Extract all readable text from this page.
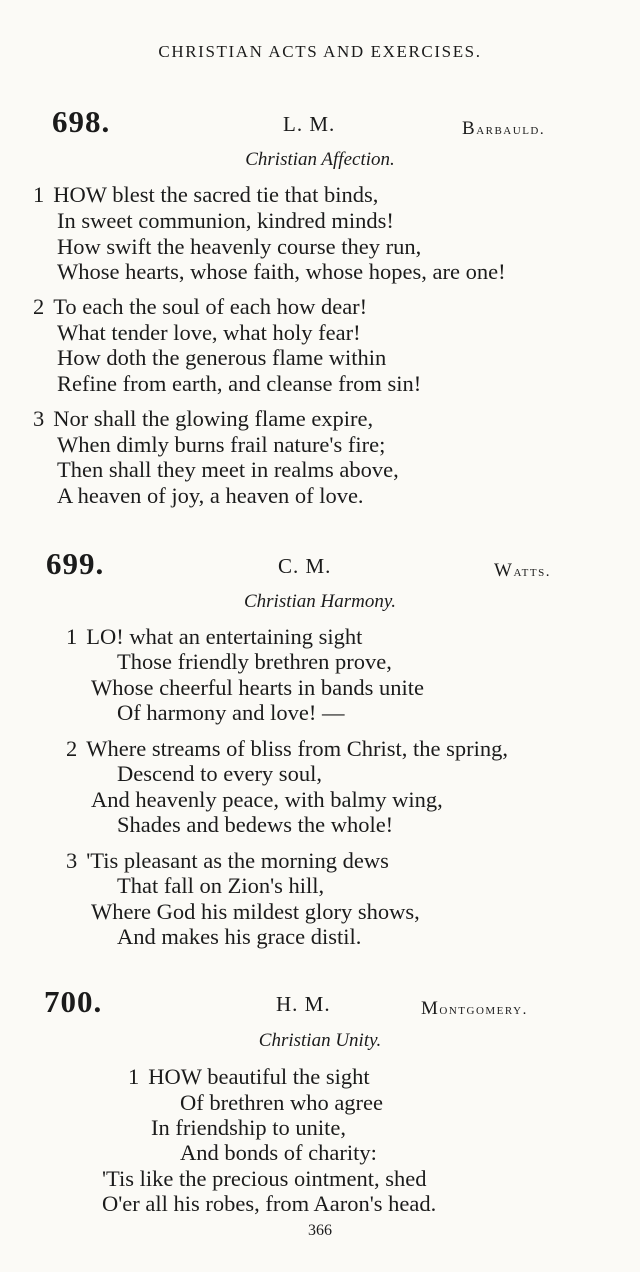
CHRISTIAN ACTS AND EXERCISES.
698.	L. M.	Barbauld.
Christian Affection.
1 HOW blest the sacred tie that binds,
In sweet communion, kindred minds!
How swift the heavenly course they run,
Whose hearts, whose faith, whose hopes, are one!
2 To each the soul of each how dear!
What tender love, what holy fear!
How doth the generous flame within
Refine from earth, and cleanse from sin!
3 Nor shall the glowing flame expire,
When dimly burns frail nature's fire;
Then shall they meet in realms above,
A heaven of joy, a heaven of love.
699.	C. M.	Watts.
Christian Harmony.
1 LO! what an entertaining sight
Those friendly brethren prove,
Whose cheerful hearts in bands unite
Of harmony and love! —
2 Where streams of bliss from Christ, the spring,
Descend to every soul,
And heavenly peace, with balmy wing,
Shades and bedews the whole!
3 'Tis pleasant as the morning dews
That fall on Zion's hill,
Where God his mildest glory shows,
And makes his grace distil.
700.	H. M.	Montgomery.
Christian Unity.
1 HOW beautiful the sight
Of brethren who agree
In friendship to unite,
And bonds of charity:
'Tis like the precious ointment, shed
O'er all his robes, from Aaron's head.
366
